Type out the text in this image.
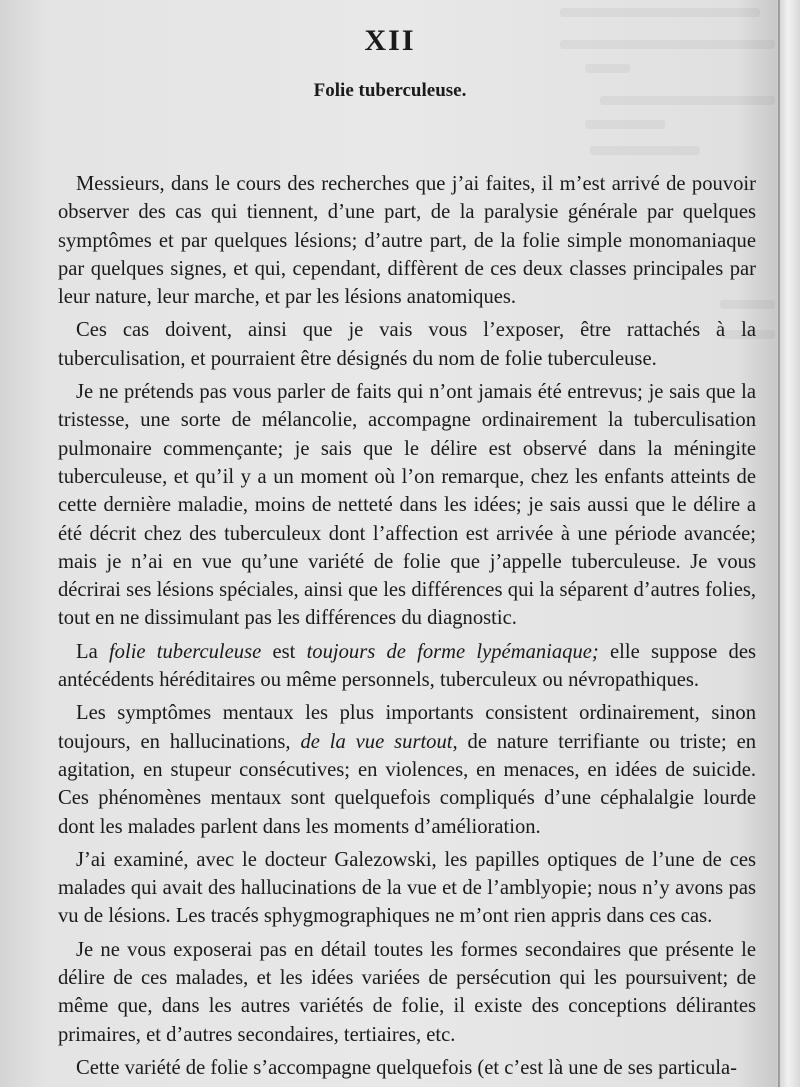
XII
Folie tuberculeuse.

Messieurs, dans le cours des recherches que j’ai faites, il m’est arrivé de pouvoir observer des cas qui tiennent, d’une part, de la paralysie générale par quelques symptômes et par quelques lésions; d’autre part, de la folie simple monomaniaque par quelques signes, et qui, cependant, diffèrent de ces deux classes principales par leur nature, leur marche, et par les lésions anatomiques.

Ces cas doivent, ainsi que je vais vous l’exposer, être rattachés à la tuberculisation, et pourraient être désignés du nom de folie tuberculeuse.

Je ne prétends pas vous parler de faits qui n’ont jamais été entrevus; je sais que la tristesse, une sorte de mélancolie, accompagne ordinairement la tuberculisation pulmonaire commençante; je sais que le délire est observé dans la méningite tuberculeuse, et qu’il y a un moment où l’on remarque, chez les enfants atteints de cette dernière maladie, moins de netteté dans les idées; je sais aussi que le délire a été décrit chez des tuberculeux dont l’affection est arrivée à une période avancée; mais je n’ai en vue qu’une variété de folie que j’appelle tuberculeuse. Je vous décrirai ses lésions spéciales, ainsi que les différences qui la séparent d’autres folies, tout en ne dissimulant pas les différences du diagnostic.

La folie tuberculeuse est toujours de forme lypémaniaque; elle suppose des antécédents héréditaires ou même personnels, tuberculeux ou névropathiques.

Les symptômes mentaux les plus importants consistent ordinairement, sinon toujours, en hallucinations, de la vue surtout, de nature terrifiante ou triste; en agitation, en stupeur consécutives; en violences, en menaces, en idées de suicide. Ces phénomènes mentaux sont quelquefois compliqués d’une céphalalgie lourde dont les malades parlent dans les moments d’amélioration.

J’ai examiné, avec le docteur Galezowski, les papilles optiques de l’une de ces malades qui avait des hallucinations de la vue et de l’amblyopie; nous n’y avons pas vu de lésions. Les tracés sphygmographiques ne m’ont rien appris dans ces cas.

Je ne vous exposerai pas en détail toutes les formes secondaires que présente le délire de ces malades, et les idées variées de persécution qui les poursuivent; de même que, dans les autres variétés de folie, il existe des conceptions délirantes primaires, et d’autres secondaires, tertiaires, etc.

Cette variété de folie s’accompagne quelquefois (et c’est là une de ses particula-
